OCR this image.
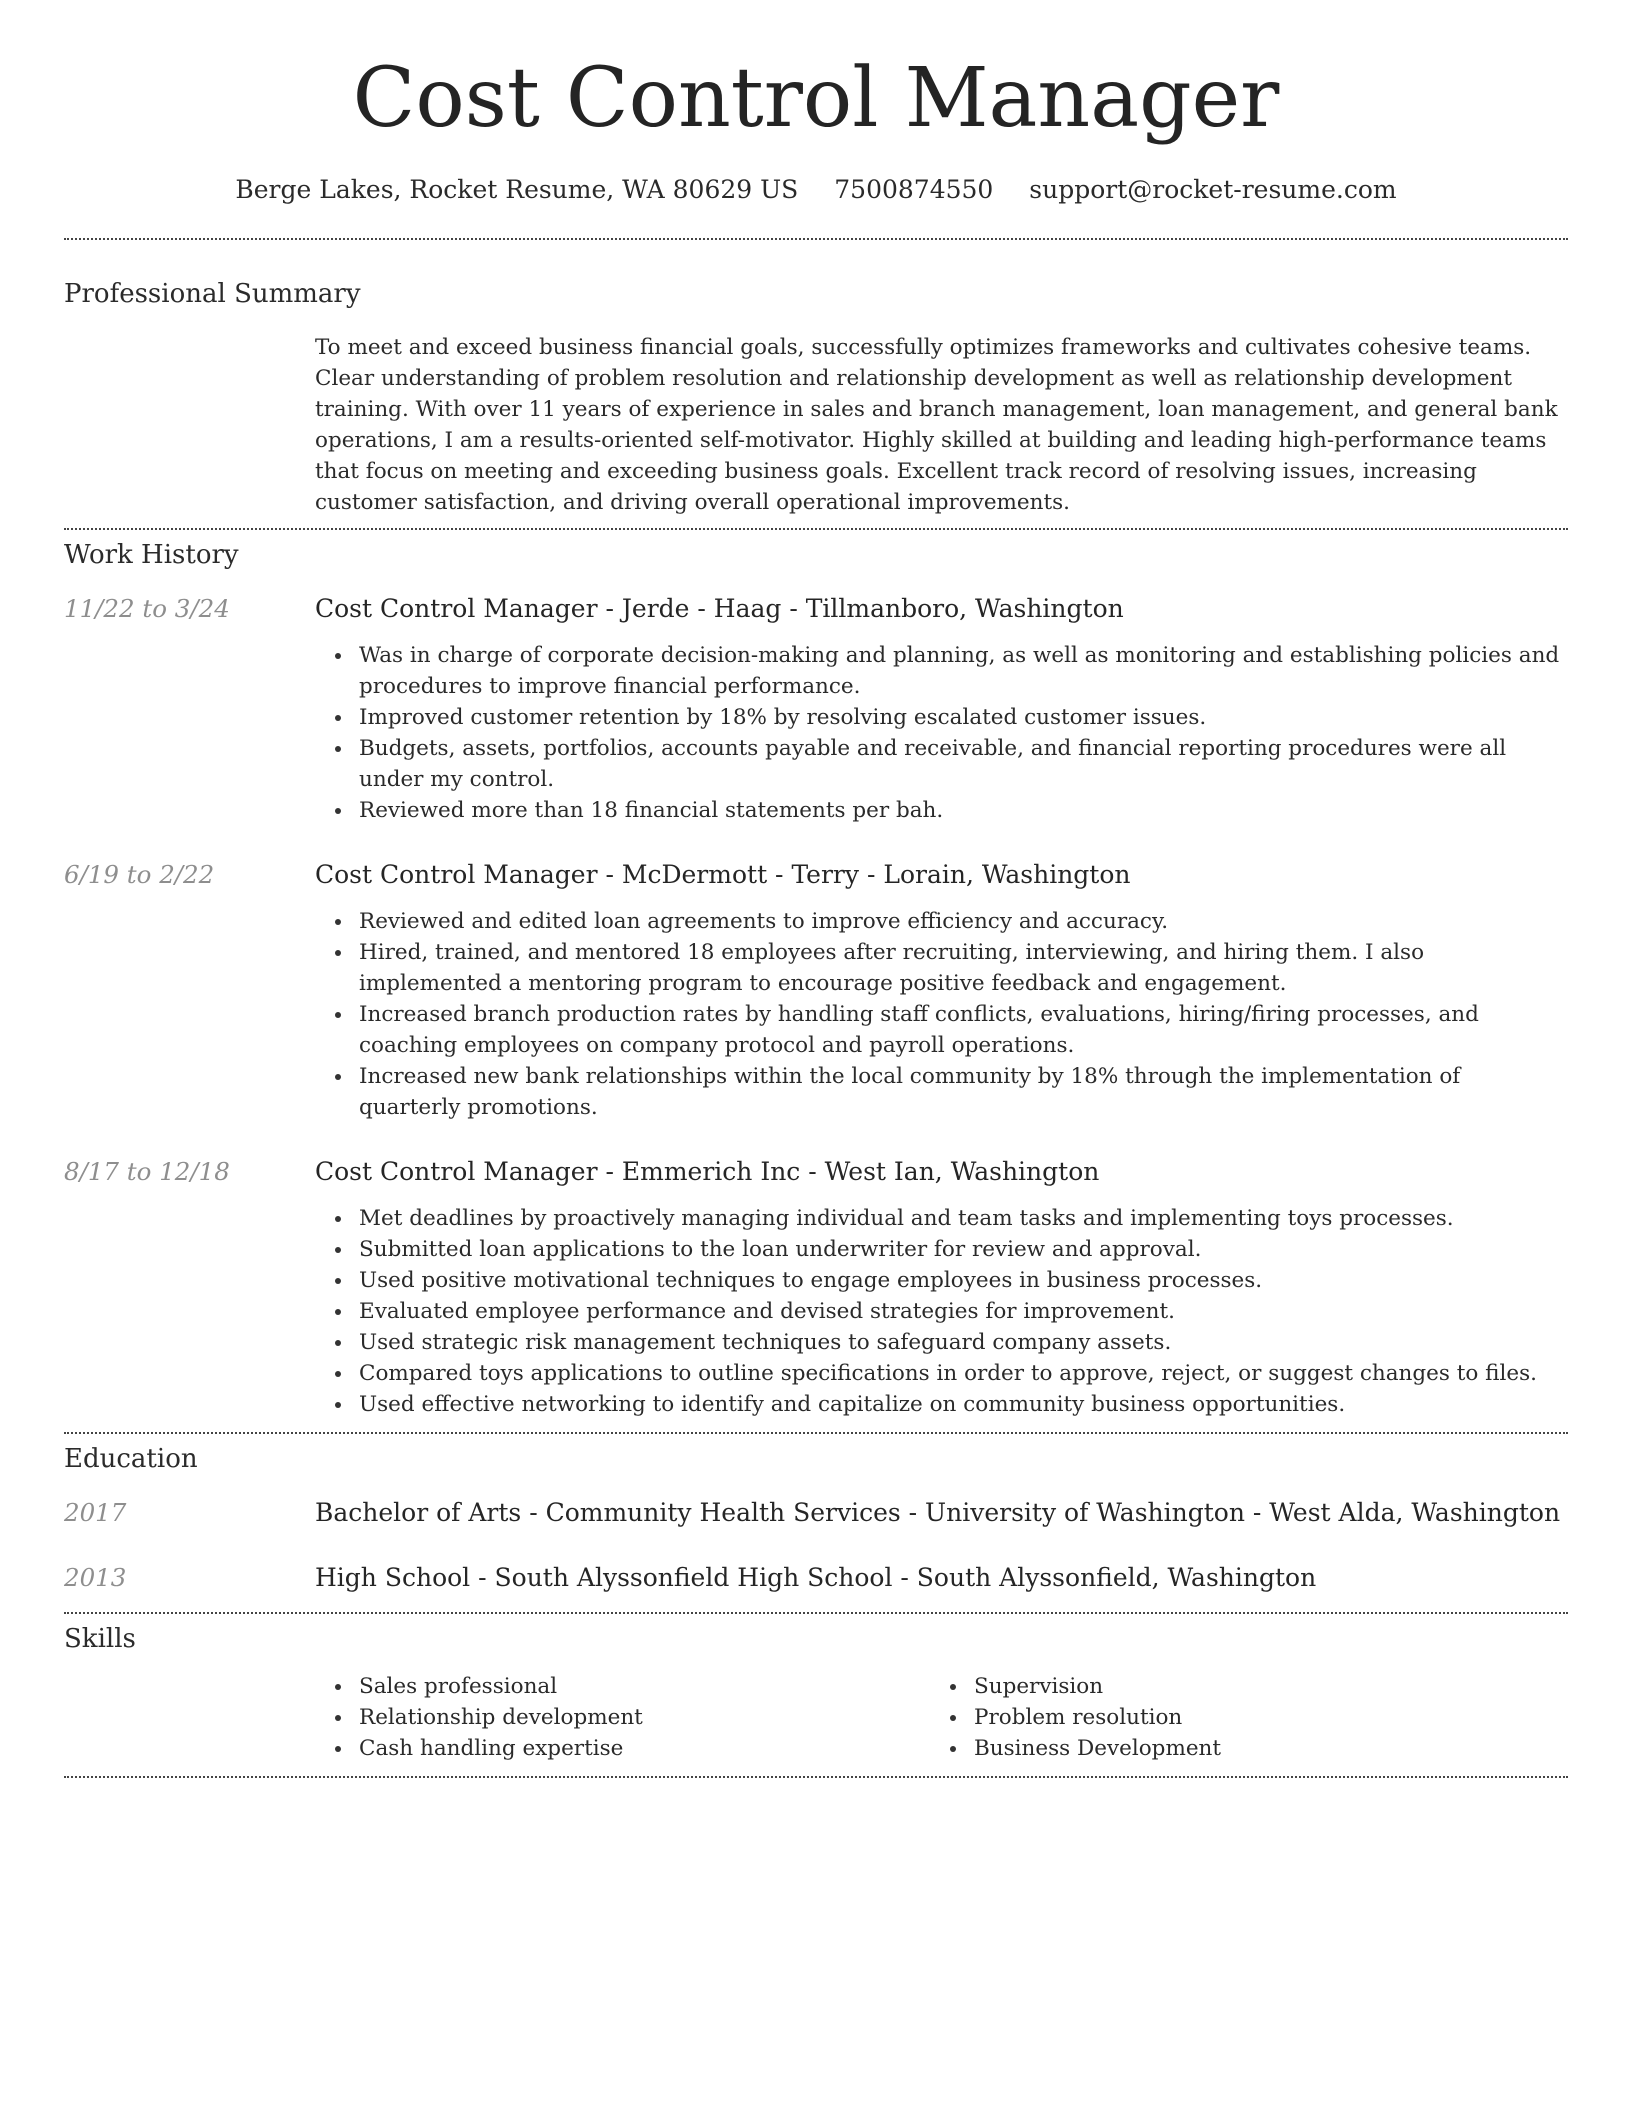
Cost Control Manager
Berge Lakes, Rocket Resume, WA 80629 US 7500874550 support@rocket-resume.com
Professional Summary
To meet and exceed business financial goals, successfully optimizes frameworks and cultivates cohesive teams. Clear understanding of problem resolution and relationship development as well as relationship development training. With over 11 years of experience in sales and branch management, loan management, and general bank operations, I am a results-oriented self-motivator. Highly skilled at building and leading high-performance teams that focus on meeting and exceeding business goals. Excellent track record of resolving issues, increasing customer satisfaction, and driving overall operational improvements.
Work History
11/22 to 3/24	Cost Control Manager - Jerde - Haag - Tillmanboro, Washington
Was in charge of corporate decision-making and planning, as well as monitoring and establishing policies and procedures to improve financial performance.
Improved customer retention by 18% by resolving escalated customer issues.
Budgets, assets, portfolios, accounts payable and receivable, and financial reporting procedures were all under my control.
Reviewed more than 18 financial statements per bah.
6/19 to 2/22	Cost Control Manager - McDermott - Terry - Lorain, Washington
Reviewed and edited loan agreements to improve efficiency and accuracy.
Hired, trained, and mentored 18 employees after recruiting, interviewing, and hiring them. I also implemented a mentoring program to encourage positive feedback and engagement.
Increased branch production rates by handling staff conflicts, evaluations, hiring/firing processes, and coaching employees on company protocol and payroll operations.
Increased new bank relationships within the local community by 18% through the implementation of quarterly promotions.
8/17 to 12/18	Cost Control Manager - Emmerich Inc - West Ian, Washington
Met deadlines by proactively managing individual and team tasks and implementing toys processes.
Submitted loan applications to the loan underwriter for review and approval.
Used positive motivational techniques to engage employees in business processes.
Evaluated employee performance and devised strategies for improvement.
Used strategic risk management techniques to safeguard company assets.
Compared toys applications to outline specifications in order to approve, reject, or suggest changes to files.
Used effective networking to identify and capitalize on community business opportunities.
Education
2017	Bachelor of Arts - Community Health Services - University of Washington - West Alda, Washington
2013	High School - South Alyssonfield High School - South Alyssonfield, Washington
Skills
Sales professional
Relationship development
Cash handling expertise
Supervision
Problem resolution
Business Development
